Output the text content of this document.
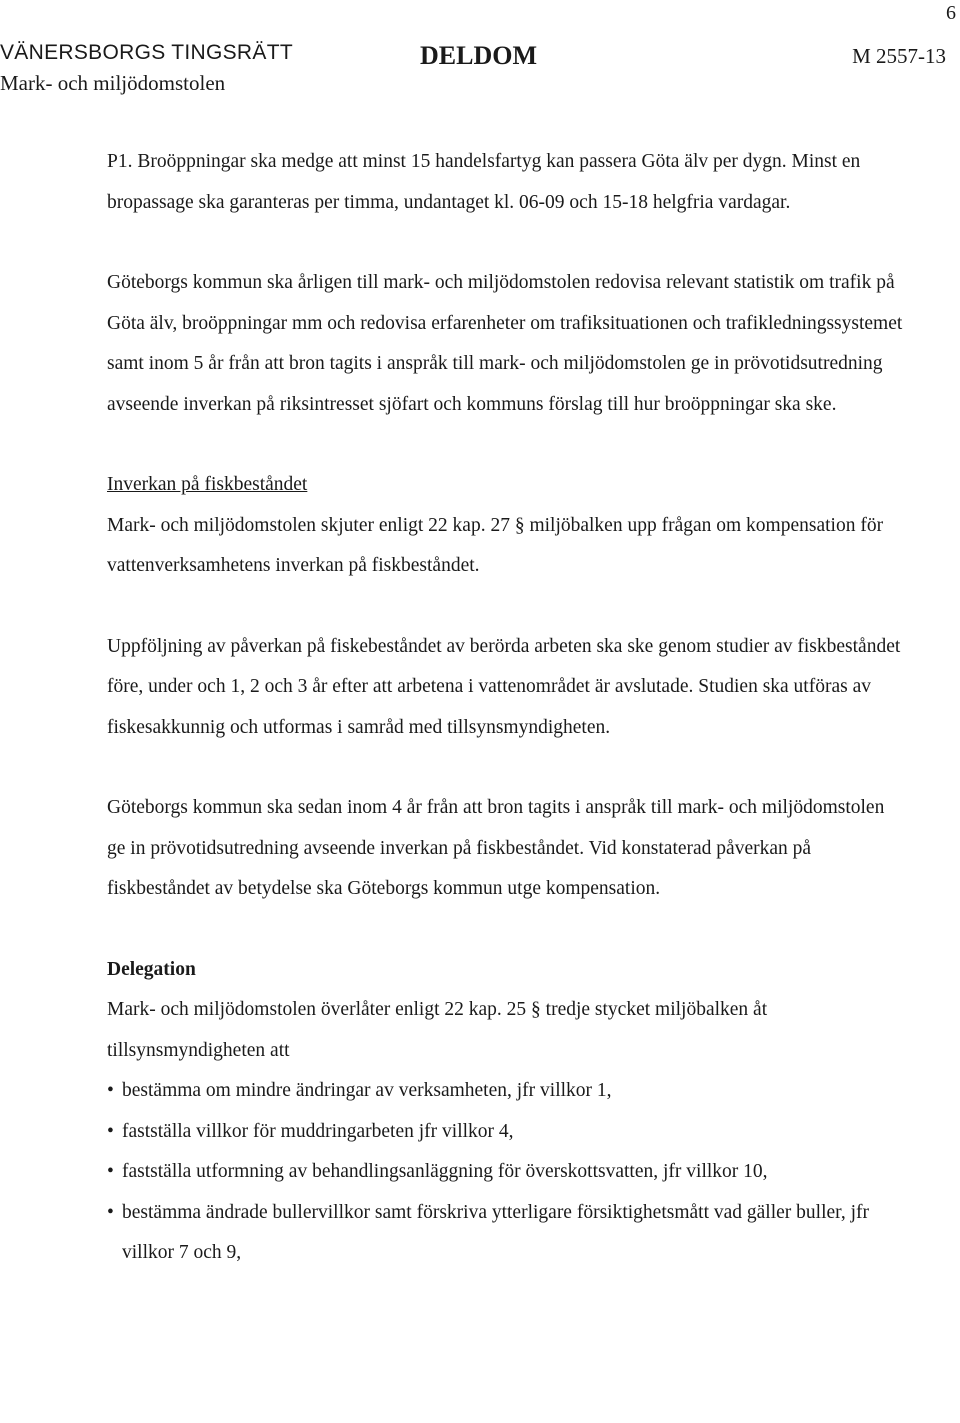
6
VÄNERSBORGS TINGSRÄTT
Mark- och miljödomstolen
DELDOM	M 2557-13

P1. Broöppningar ska medge att minst 15 handelsfartyg kan passera Göta älv per dygn. Minst en bropassage ska garanteras per timma, undantaget kl. 06-09 och 15-18 helgfria vardagar.

Göteborgs kommun ska årligen till mark- och miljödomstolen redovisa relevant statistik om trafik på Göta älv, broöppningar mm och redovisa erfarenheter om trafiksituationen och trafikledningssystemet samt inom 5 år från att bron tagits i anspråk till mark- och miljödomstolen ge in prövotidsutredning avseende inverkan på riksintresset sjöfart och kommuns förslag till hur broöppningar ska ske.

Inverkan på fiskbeståndet

Mark- och miljödomstolen skjuter enligt 22 kap. 27 § miljöbalken upp frågan om kompensation för vattenverksamhetens inverkan på fiskbeståndet.

Uppföljning av påverkan på fiskebeståndet av berörda arbeten ska ske genom studier av fiskbeståndet före, under och 1, 2 och 3 år efter att arbetena i vattenområdet är avslutade. Studien ska utföras av fiskesakkunnig och utformas i samråd med tillsynsmyndigheten.

Göteborgs kommun ska sedan inom 4 år från att bron tagits i anspråk till mark- och miljödomstolen ge in prövotidsutredning avseende inverkan på fiskbeståndet. Vid konstaterad påverkan på fiskbeståndet av betydelse ska Göteborgs kommun utge kompensation.

Delegation

Mark- och miljödomstolen överlåter enligt 22 kap. 25 § tredje stycket miljöbalken åt tillsynsmyndigheten att

• bestämma om mindre ändringar av verksamheten, jfr villkor 1,
• fastställa villkor för muddringarbeten jfr villkor 4,
• fastställa utformning av behandlingsanläggning för överskottsvatten, jfr villkor 10,
• bestämma ändrade bullervillkor samt förskriva ytterligare försiktighetsmått vad gäller buller, jfr villkor 7 och 9,
